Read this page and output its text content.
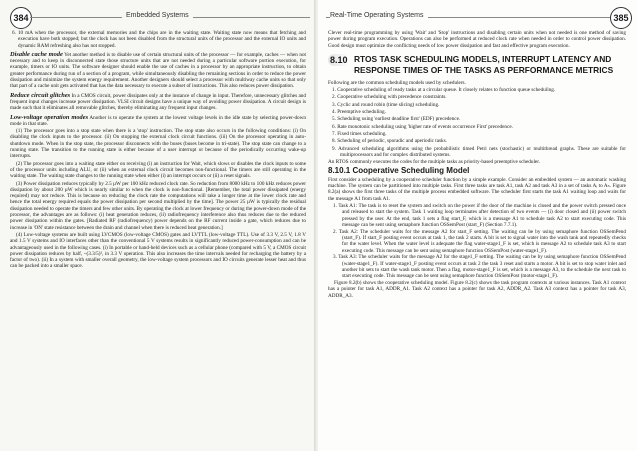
384	Embedded Systems

6. 10 mA when the processor, the external memories and the chips are in the waiting state. Waiting state now means that fetching and execution have both stopped; but the clock has not been disabled from the structural units of the processor and the external IO units and dynamic RAM refreshing also has not stopped.

Disable cache mode Yet another method is to disable use of certain structural units of the processor — for example, caches — when not necessary and to keep in disconnected state those structure units that are not needed during a particular software portion execution, for example, timers or IO units. The software designer should enable the use of caches in a processor by an appropriate instruction, to obtain greater performance during run of a section of a program, while simultaneously disabling the remaining sections in order to reduce the power dissipation and minimize the system energy requirement. Another designers should select a processor with multiway cache units so that only that part of a cache unit gets activated that has the data necessary to execute a subset of instructions. This also reduces power dissipation.

Reduce circuit glitches In a CMOS circuit, power dissipates only at the instance of change in input. Therefore, unnecessary glitches and frequent input changes increase power dissipation. VLSI circuit designs have a unique way of avoiding power dissipation. A circuit design is made such that it eliminates all removable glitches, thereby eliminating any frequent input changes.

Low-voltage operation modes Another is to operate the system at the lowest voltage levels in the idle state by selecting power-down mode in that state.

(1) The processor goes into a stop state when there is a 'stop' instruction. The stop state also occurs in the following conditions: (i) On disabling the clock inputs to the processor. (ii) On stopping the external clock circuit functions. (iii) On the processor operating in auto-shutdown mode. When in the stop state, the processor disconnects with the buses (buses become in tri-state). The stop state can change to a running state. The transition to the running state is either because of a user interrupt or because of the periodically occurring wake-up interrupts.

(2) The processor goes into a waiting state either on receiving (i) an instruction for Wait, which slows or disables the clock inputs to some of the processor units including ALU, or (ii) when an external clock circuit becomes non-functional. The timers are still operating in the waiting state. The waiting state changes to the running state when either (i) an interrupt occurs or (ii) a reset signals.

(3) Power dissipation reduces typically by 2.5 µW per 100 kHz reduced clock rate. So reduction from 8000 kHz to 100 kHz reduces power dissipation by about 200 µW which is nearly similar to when the clock is non-functional. [Remember, the total power dissipated (energy required) may not reduce. This is because on reducing the clock rate the computations will take a longer time at the lower clock rate and hence the total energy required equals the power dissipation per second multiplied by the time]. The power 25 µW is typically the residual dissipation needed to operate the timers and few other units. By operating the clock at lower frequency or during the power-down mode of the processor, the advantages are as follows: (i) heat generation reduces, (ii) radiofrequency interference also thus reduces due to the reduced power dissipation within the gates. [Radiated RF (radiofrequency) power depends on the RF current inside a gate, which reduces due to increase in 'ON' state resistance between the drain and channel when there is reduced heat generation.]

(4) Low-voltage systems are built using LVCMOS (low-voltage CMOS) gates and LVTTL (low-voltage TTL). Use of 3.3 V, 2.5 V, 1.8 V and 1.5 V systems and IO interfaces other than the conventional 5 V systems results in significantly reduced power-consumption and can be advantageously used in the following cases. (i) In portable or hand-held devices such as a cellular phone (compared with 5 V, a CMOS circuit power dissipation reduces by half, ~(3.3/5)², in 3.3 V operation. This also increases the time intervals needed for recharging the battery by a factor of two). (ii) In a system with smaller overall geometry, the low-voltage system processors and IO circuits generate lesser heat and thus can be packed into a smaller space.

Real-Time Operating Systems	385

Clever real-time programming by using 'Wait' and 'Stop' instructions and disabling certain units when not needed is one method of saving power during program execution. Operations can also be performed at reduced clock rate when needed in order to control power dissipation. Good design must optimize the conflicting needs of low power dissipation and fast and effective program execution.

8.10 RTOS TASK SCHEDULING MODELS, INTERRUPT LATENCY AND
RESPONSE TIMES OF THE TASKS AS PERFORMANCE METRICS

Following are the common scheduling models used by schedulers.

1. Cooperative scheduling of ready tasks at a circular queue. It closely relates to function queue scheduling.

2. Cooperative scheduling with precedence constraints.

3. Cyclic and round robin (time slicing) scheduling.

4. Preemptive scheduling.

5. Scheduling using 'earliest deadline first' (EDF) precedence.

6. Rate monotonic scheduling using 'higher rate of events occurrence First' precedence.

7. Fixed times scheduling.

8. Scheduling of periodic, sporadic and aperiodic tasks.

9. Advanced scheduling algorithms using the probabilistic timed Petri nets (stochastic) or multithread graphs. These are suitable for multiprocessors and for complex distributed systems.

An RTOS commonly executes the codes for the multiple tasks as priority-based preemptive scheduler.

8.10.1 Cooperative Scheduling Model

First consider a scheduling by a cooperative scheduler function by a simple example. Consider an embedded system — an automatic washing machine. The system can be partitioned into multiple tasks. First three tasks are task A1, task A2 and task A3 in a set of tasks Aᵢ to Aₙ. Figure 8.2(a) shows the first three tasks of the multiple process embedded software. The scheduler first starts the task A1 waiting loop and waits for the message A1 from task A1.

1. Task A1: The task is to reset the system and switch on the power if the door of the machine is closed and the power switch pressed once and released to start the system. Task 1 waiting loop terminates after detection of two events — (i) door closed and (ii) power switch pressed by the user. At the end, task 1 sets a flag start_F, which is a message A1 to schedule task A2 to start executing code. This message can be sent using semaphore function OSSemPost (start_F) (Section 7.7.1).

2. Task A2: The scheduler waits for the message A2 for start_F setting. The waiting can be by using semaphore function OSSemPend (start_F). If start_F posting event occurs at task 1, the task 2 starts. A bit is set to signal water into the wash tank and repeatedly checks for the water level. When the water level is adequate the flag water-stage1_F is set, which is message A2 to schedule task A3 to start executing code. This message can be sent using semaphore function OSSemPost (water-stage1_F).

3. Task A3: The scheduler waits for the message A2 for the stage1_F setting. The waiting can be by using semaphore function OSSemPend (water-stage1_F). If water-stage1_F posting event occurs at task 2 the task 3 reset and starts a motor. A bit is set to stop water inlet and another bit sets to start the wash tank motor. Then a flag, motor-stage1_F is set, which is a message A3, to the schedule the next task to start executing code. This message can be sent using semaphore function OSSemPost (motor-stage1_F).

Figure 8.2(b) shows the cooperative scheduling model. Figure 8.2(c) shows the task program contexts at various instances. Task A1 context has a pointer for task A1, ADDR_A1. Task A2 context has a pointer for task A2, ADDR_A2. Task A3 context has a pointer for task A3, ADDR_A3.
